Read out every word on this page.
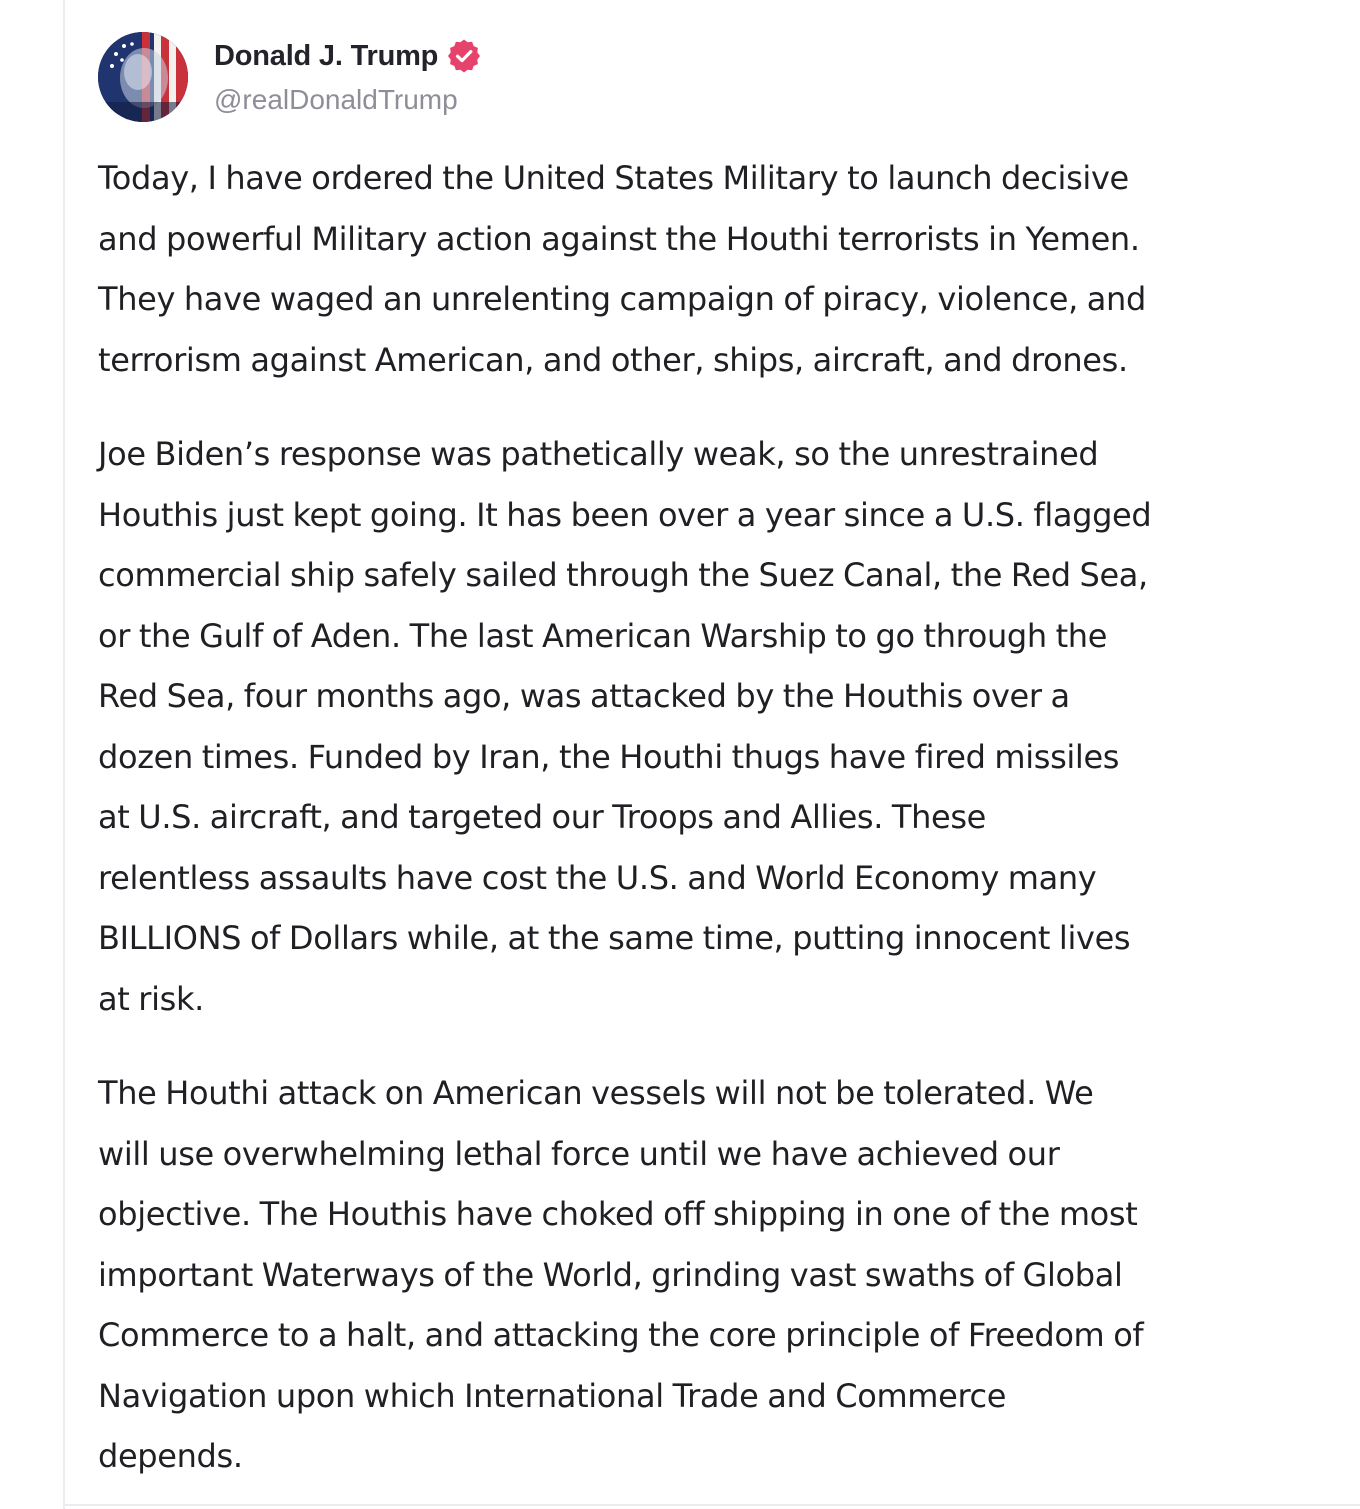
Donald J. Trump
@realDonaldTrump

Today, I have ordered the United States Military to launch decisive
and powerful Military action against the Houthi terrorists in Yemen.
They have waged an unrelenting campaign of piracy, violence, and
terrorism against American, and other, ships, aircraft, and drones.

Joe Biden’s response was pathetically weak, so the unrestrained
Houthis just kept going. It has been over a year since a U.S. flagged
commercial ship safely sailed through the Suez Canal, the Red Sea,
or the Gulf of Aden. The last American Warship to go through the
Red Sea, four months ago, was attacked by the Houthis over a
dozen times. Funded by Iran, the Houthi thugs have fired missiles
at U.S. aircraft, and targeted our Troops and Allies. These
relentless assaults have cost the U.S. and World Economy many
BILLIONS of Dollars while, at the same time, putting innocent lives
at risk.

The Houthi attack on American vessels will not be tolerated. We
will use overwhelming lethal force until we have achieved our
objective. The Houthis have choked off shipping in one of the most
important Waterways of the World, grinding vast swaths of Global
Commerce to a halt, and attacking the core principle of Freedom of
Navigation upon which International Trade and Commerce
depends.
